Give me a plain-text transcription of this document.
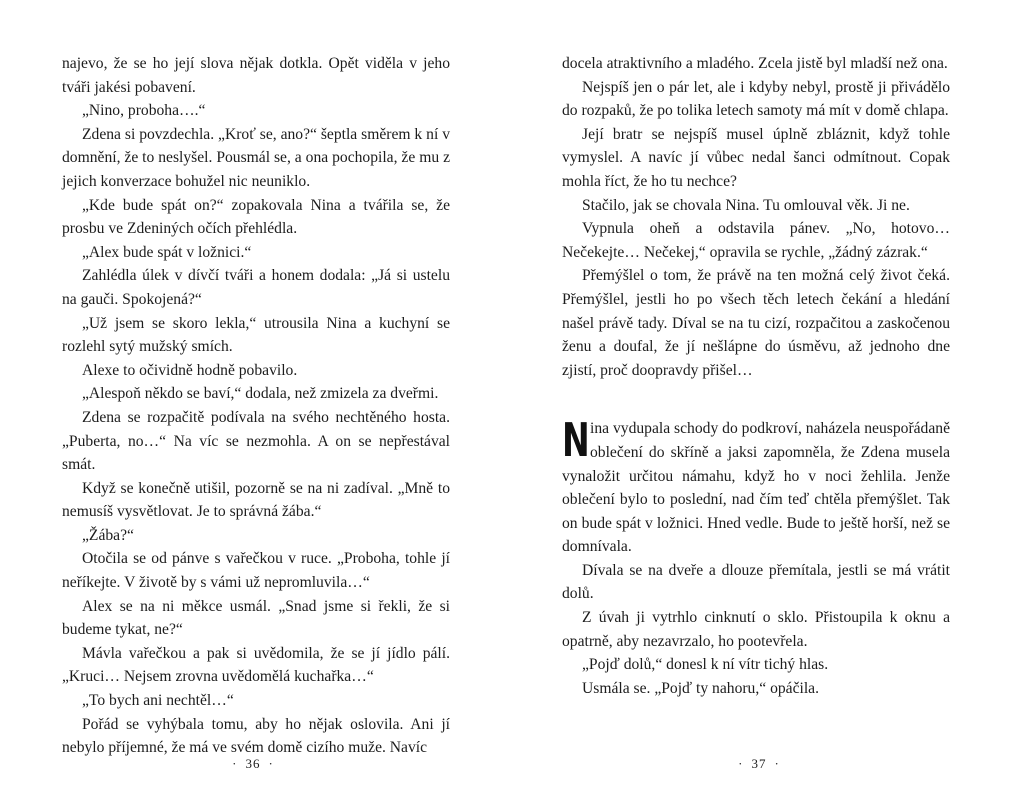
najevo, že se ho její slova nějak dotkla. Opět viděla v jeho tváři jakési pobavení.

„Nino, proboha….“

Zdena si povzdechla. „Kroť se, ano?“ šeptla směrem k ní v domnění, že to neslyšel. Pousmál se, a ona pochopila, že mu z jejich konverzace bohužel nic neuniklo.

„Kde bude spát on?“ zopakovala Nina a tvářila se, že prosbu ve Zdeniných očích přehlédla.

„Alex bude spát v ložnici.“

Zahlédla úlek v dívčí tváři a honem dodala: „Já si ustelu na gauči. Spokojená?“

„Už jsem se skoro lekla,“ utrousila Nina a kuchyní se rozlehl sytý mužský smích.

Alexe to očividně hodně pobavilo.

„Alespoň někdo se baví,“ dodala, než zmizela za dveřmi.

Zdena se rozpačitě podívala na svého nechtěného hosta. „Puberta, no…“ Na víc se nezmohla. A on se nepřestával smát.

Když se konečně utišil, pozorně se na ni zadíval. „Mně to nemusíš vysvětlovat. Je to správná žába.“

„Žába?“

Otočila se od pánve s vařečkou v ruce. „Proboha, tohle jí neříkejte. V životě by s vámi už nepromluvila…“

Alex se na ni měkce usmál. „Snad jsme si řekli, že si budeme tykat, ne?“

Mávla vařečkou a pak si uvědomila, že se jí jídlo pálí. „Kruci… Nejsem zrovna uvědomělá kuchařka…“

„To bych ani nechtěl…“

Pořád se vyhýbala tomu, aby ho nějak oslovila. Ani jí nebylo příjemné, že má ve svém domě cizího muže. Navíc

· 36 ·

docela atraktivního a mladého. Zcela jistě byl mladší než ona.

Nejspíš jen o pár let, ale i kdyby nebyl, prostě ji přivádělo do rozpaků, že po tolika letech samoty má mít v domě chlapa.

Její bratr se nejspíš musel úplně zbláznit, když tohle vymyslel. A navíc jí vůbec nedal šanci odmítnout. Copak mohla říct, že ho tu nechce?

Stačilo, jak se chovala Nina. Tu omlouval věk. Ji ne.

Vypnula oheň a odstavila pánev. „No, hotovo… Nečekejte… Nečekej,“ opravila se rychle, „žádný zázrak.“

Přemýšlel o tom, že právě na ten možná celý život čeká. Přemýšlel, jestli ho po všech těch letech čekání a hledání našel právě tady. Díval se na tu cizí, rozpačitou a zaskočenou ženu a doufal, že jí nešlápne do úsměvu, až jednoho dne zjistí, proč doopravdy přišel…

Nina vydupala schody do podkroví, naházela neuspořádaně oblečení do skříně a jaksi zapomněla, že Zdena musela vynaložit určitou námahu, když ho v noci žehlila. Jenže oblečení bylo to poslední, nad čím teď chtěla přemýšlet. Tak on bude spát v ložnici. Hned vedle. Bude to ještě horší, než se domnívala.

Dívala se na dveře a dlouze přemítala, jestli se má vrátit dolů.

Z úvah ji vytrhlo cinknutí o sklo. Přistoupila k oknu a opatrně, aby nezavrzalo, ho pootevřela.

„Pojď dolů,“ donesl k ní vítr tichý hlas.

Usmála se. „Pojď ty nahoru,“ opáčila.

· 37 ·
